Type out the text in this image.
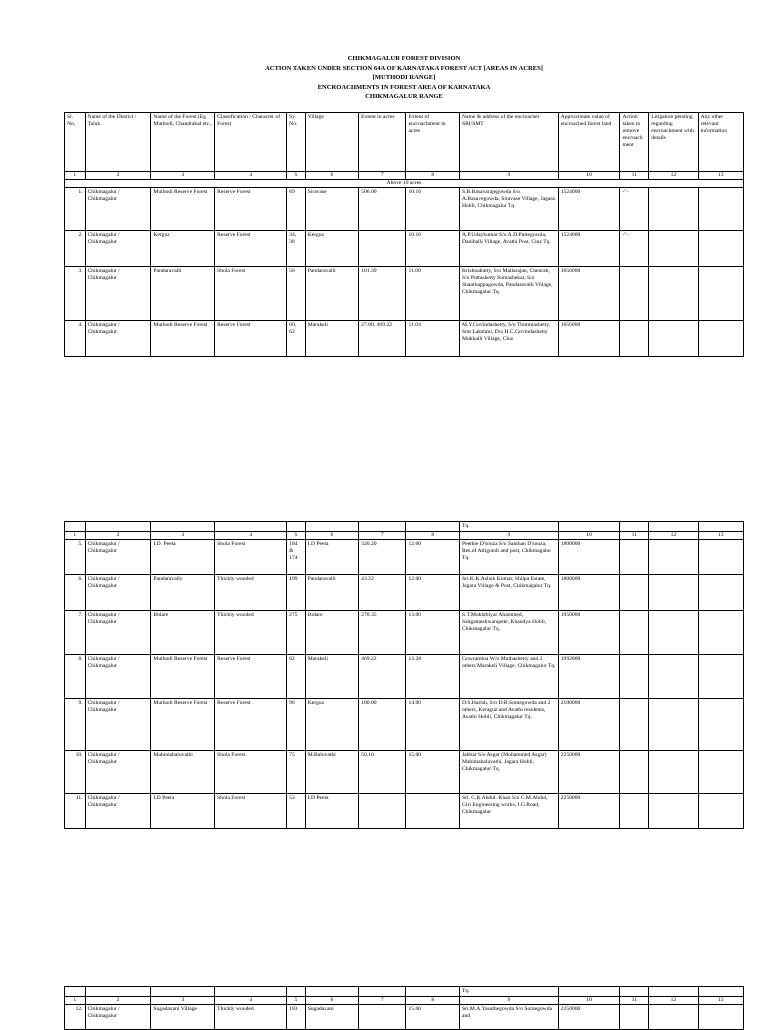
CHIKMAGALUR FOREST DIVISION
ACTION TAKEN UNDER SECTION 64A OF KARNATAKA FOREST ACT [AREAS IN ACRES]
[MUTHODI RANGE]
ENCROACHMENTS IN FOREST AREA OF KARNATAKA
CHIKMAGALUR RANGE
Sl. No.	Name of the District / Taluk	Name of the Forest (Eg. Muthodi, Chandrakal etc.,	Classification / Character of Forest	Sy. No.	Village	Extent in acres	Extent of encroachment in acres	Name & address of the encroacher SRI/SMT	Approximate value of encroached forest land	Action taken to remove encroachment	Litigation pending regarding encroachment with details	Any other relevant information
1	2	3	4	5	6	7	8	9	10	11	12	13
Above 10 acres												
1.	Chikmagalur / Chikmagalur	Muthodi Reserve Forest	Reserve Forest	89	Siravase	506.00	10.16	S.B.Basavarajegowda S/o A.Basavegowda, Siravase Village, Jagara Hobli, Chikmagalur Tq.	1524000	-"-		
2.	Chikmagalur / Chikmagalur	Kerguz	Reserve Forest	34, 38	Kerguz		10.16	A.P.Udaykumar S/o A.D.Puttegowda, Danihalli Village, Avathi Post, Cluz Tq.	1524000	-"-		
3.	Chikmagalur / Chikmagalur	Pandaravalli	Shola Forest	56	Pandaravalli	101.39	11.00	Krishnakutty, S/o Mallarajan, Chenrah, S/o Puttashetty Somashekar, S/o Shanthappagowda, Pandaravalli Village, Chikmagalur Tq.	1656000			
4.	Chikmagalur / Chikmagalur	Muthodi Reserve Forest	Reserve Forest	60, 62	Marakeli	27.00, 469.22	11.04	M.Y.Govindashetty, S/o Thimmashetty, Smt Lakshmi, D/o H.C.Govindashetty Mukkalli Village, Cluz	1656000			
								Tq.				
1	2	3	4	5	6	7	8	9	10	11	12	13
5.	Chikmagalur / Chikmagalur	I.D. Peeta	Shola Forest	184 & 174	I.D Peeta	320.20	12.00	Peethie D'souza S/o Santhan D'souza, Res.of Attigundi and post, Chikmagalur Tq.	1800000			
6.	Chikmagalur / Chikmagalur	Pandaravally	Thickly wooded	199	Pandaravalli	43.22	12.00	Sri.K.K.Ashok Kumar, Shilpa Estate, Jagara Village & Post, Chikmagalur Tq.	1800000			
7.	Chikmagalur / Chikmagalur	Bidare	Thickly wooded	275	Bidare	270.35	13.00	S.T.Mukhthiyar Ahammed, Sangameshwarapete, Khandya Hobli, Chikmagalur Tq.	1950000			
8.	Chikmagalur / Chikmagalur	Muthodi Reserve Forest	Reserve Forest	62	Marakeli	469.22	13.28	Gowramma W/o Muthashetty and 2 others Marakeli Village, Chikmagalur Tq.	1992000			
9.	Chikmagalur / Chikmagalur	Muthodi Reserve Forest	Reserve Forest	96	Kerguz	100.00	14.00	D.S.Harish. S/o D.R.Somegowda and 2 others, Keraguz and Avathi residents, Avathi Hobli, Chikmagalur Tq.	2100000			
10.	Chikmagalur / Chikmagalur	Mahimabaluvathi	Shola Forest	75	M.Baluvathi	50.10	15.00	Jabbar S/o Asgar (Mohammed Asgar) Mahimabaluvathi, Jagara Hobli, Chikmagalur Tq.	2250000			
11.	Chikmagalur / Chikmagalur	I.D Peeta	Shola Forest	53	I.D Peeta			Sri. C.R.Abdul. Khan S/o C.M.Abdul, Giri Engineering works, I.G.Road, Chikmagalur	2250000			
								Tq.				
1	2	3	4	5	6	7	8	9	10	11	12	13
12.	Chikmagalur / Chikmagalur	Sugadavani Village	Thickly wooded	183	Sugadavani		15.00	Sri.M.A.Yasathegowda S/o Somegowda and	2250000			
